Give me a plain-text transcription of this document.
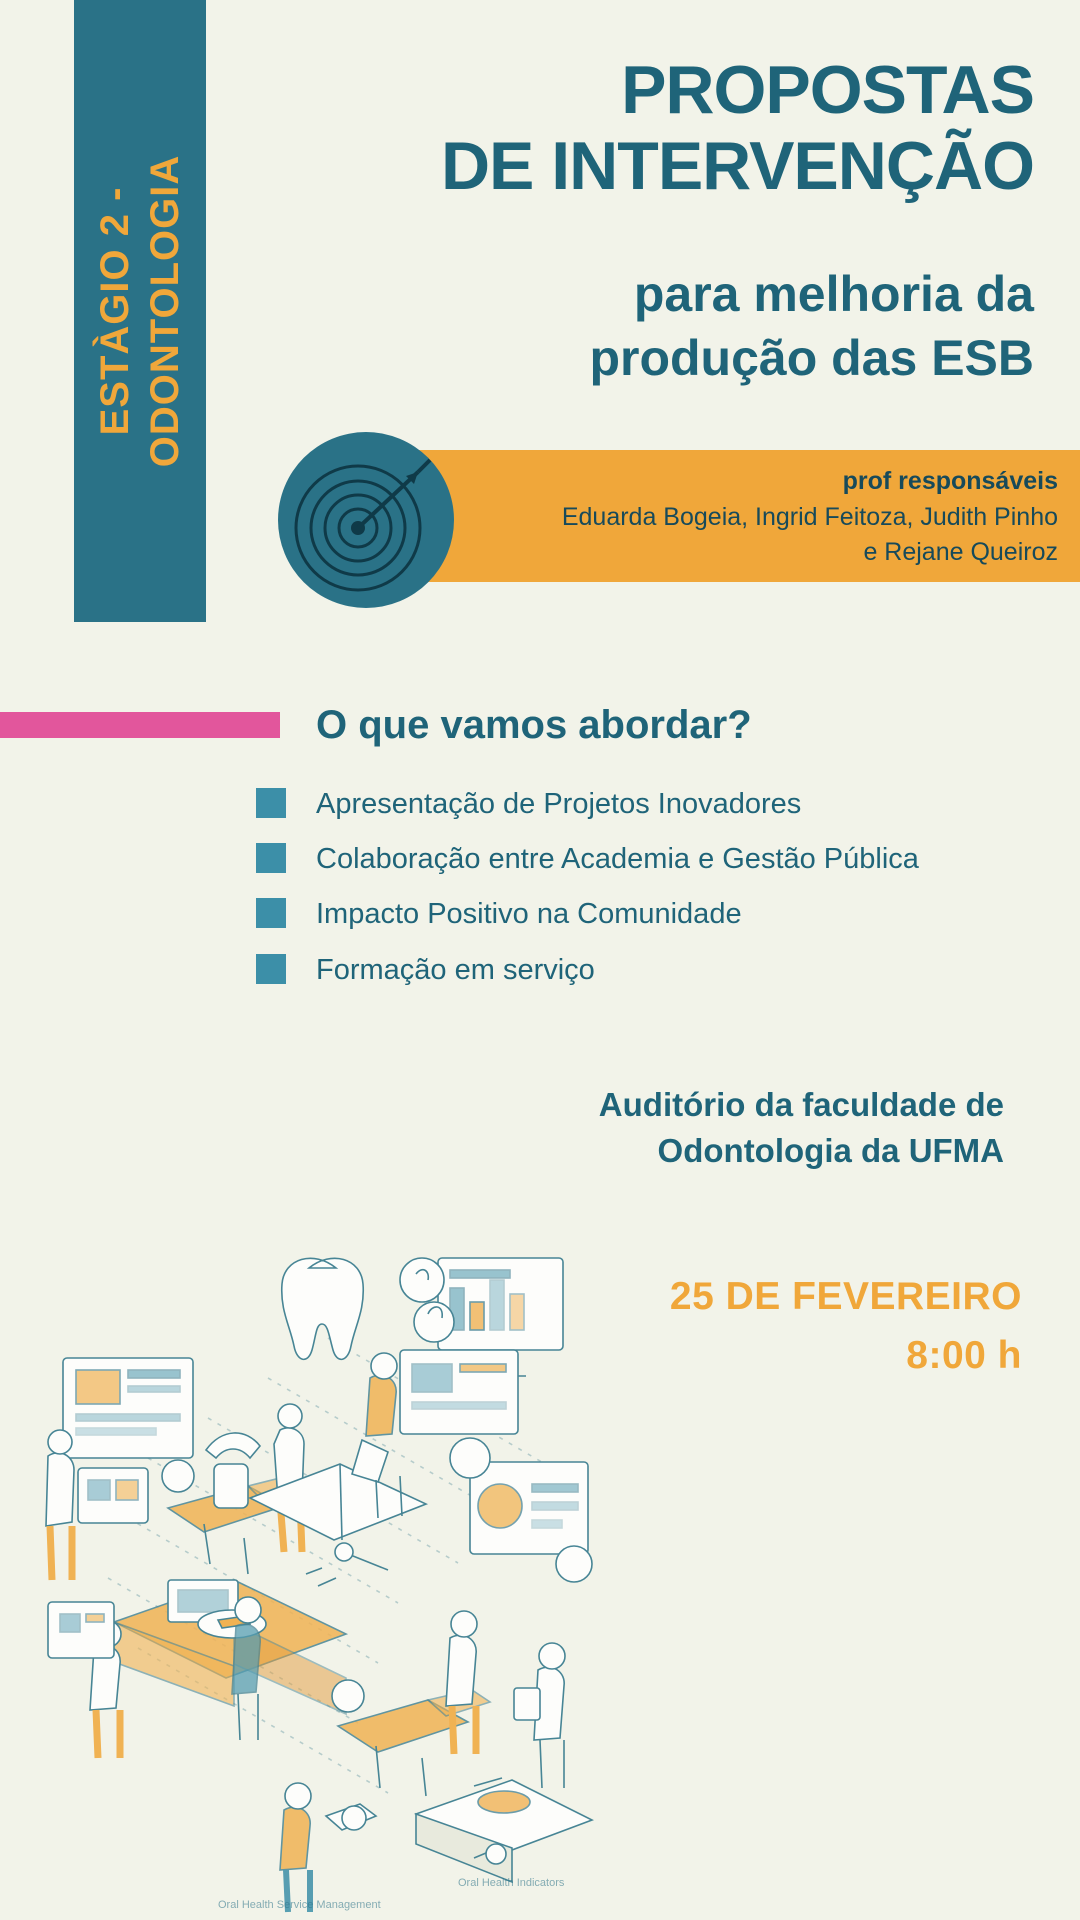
ESTÀGIO 2 - ODONTOLOGIA
PROPOSTAS
DE INTERVENÇÃO
para melhoria da
produção das ESB
prof responsáveis
Eduarda Bogeia, Ingrid Feitoza, Judith Pinho
e Rejane Queiroz
O que vamos abordar?
Apresentação de Projetos Inovadores
Colaboração entre Academia e Gestão Pública
Impacto Positivo na Comunidade
Formação em serviço
Auditório da faculdade de
Odontologia da UFMA
25 DE FEVEREIRO
8:00 h
Oral Health Service Management
Oral Health Indicators
